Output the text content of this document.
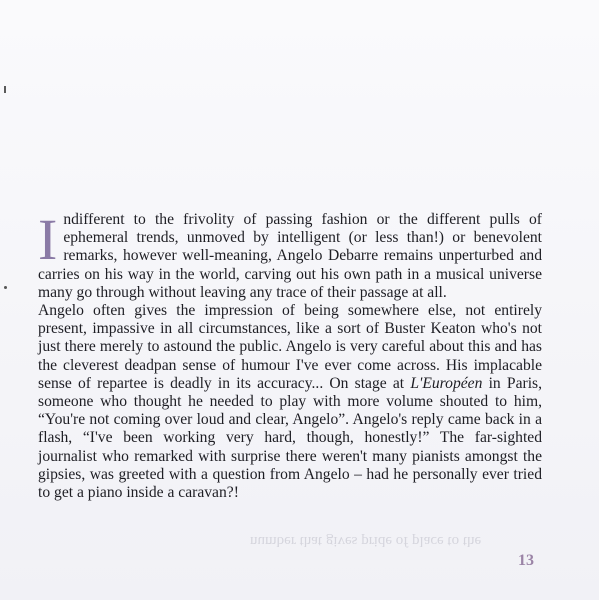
number that gives pride of place to the

Indifferent to the frivolity of passing fashion or the different pulls of ephemeral trends, unmoved by intelligent (or less than!) or benevolent remarks, however well-meaning, Angelo Debarre remains unperturbed and carries on his way in the world, carving out his own path in a musical universe many go through without leaving any trace of their passage at all.

Angelo often gives the impression of being somewhere else, not entirely present, impassive in all circumstances, like a sort of Buster Keaton who's not just there merely to astound the public. Angelo is very careful about this and has the cleverest deadpan sense of humour I've ever come across. His implacable sense of repartee is deadly in its accuracy... On stage at L'Européen in Paris, someone who thought he needed to play with more volume shouted to him, “You're not coming over loud and clear, Angelo”. Angelo's reply came back in a flash, “I've been working very hard, though, honestly!” The far-sighted journalist who remarked with surprise there weren't many pianists amongst the gipsies, was greeted with a question from Angelo – had he personally ever tried to get a piano inside a caravan?!

13
